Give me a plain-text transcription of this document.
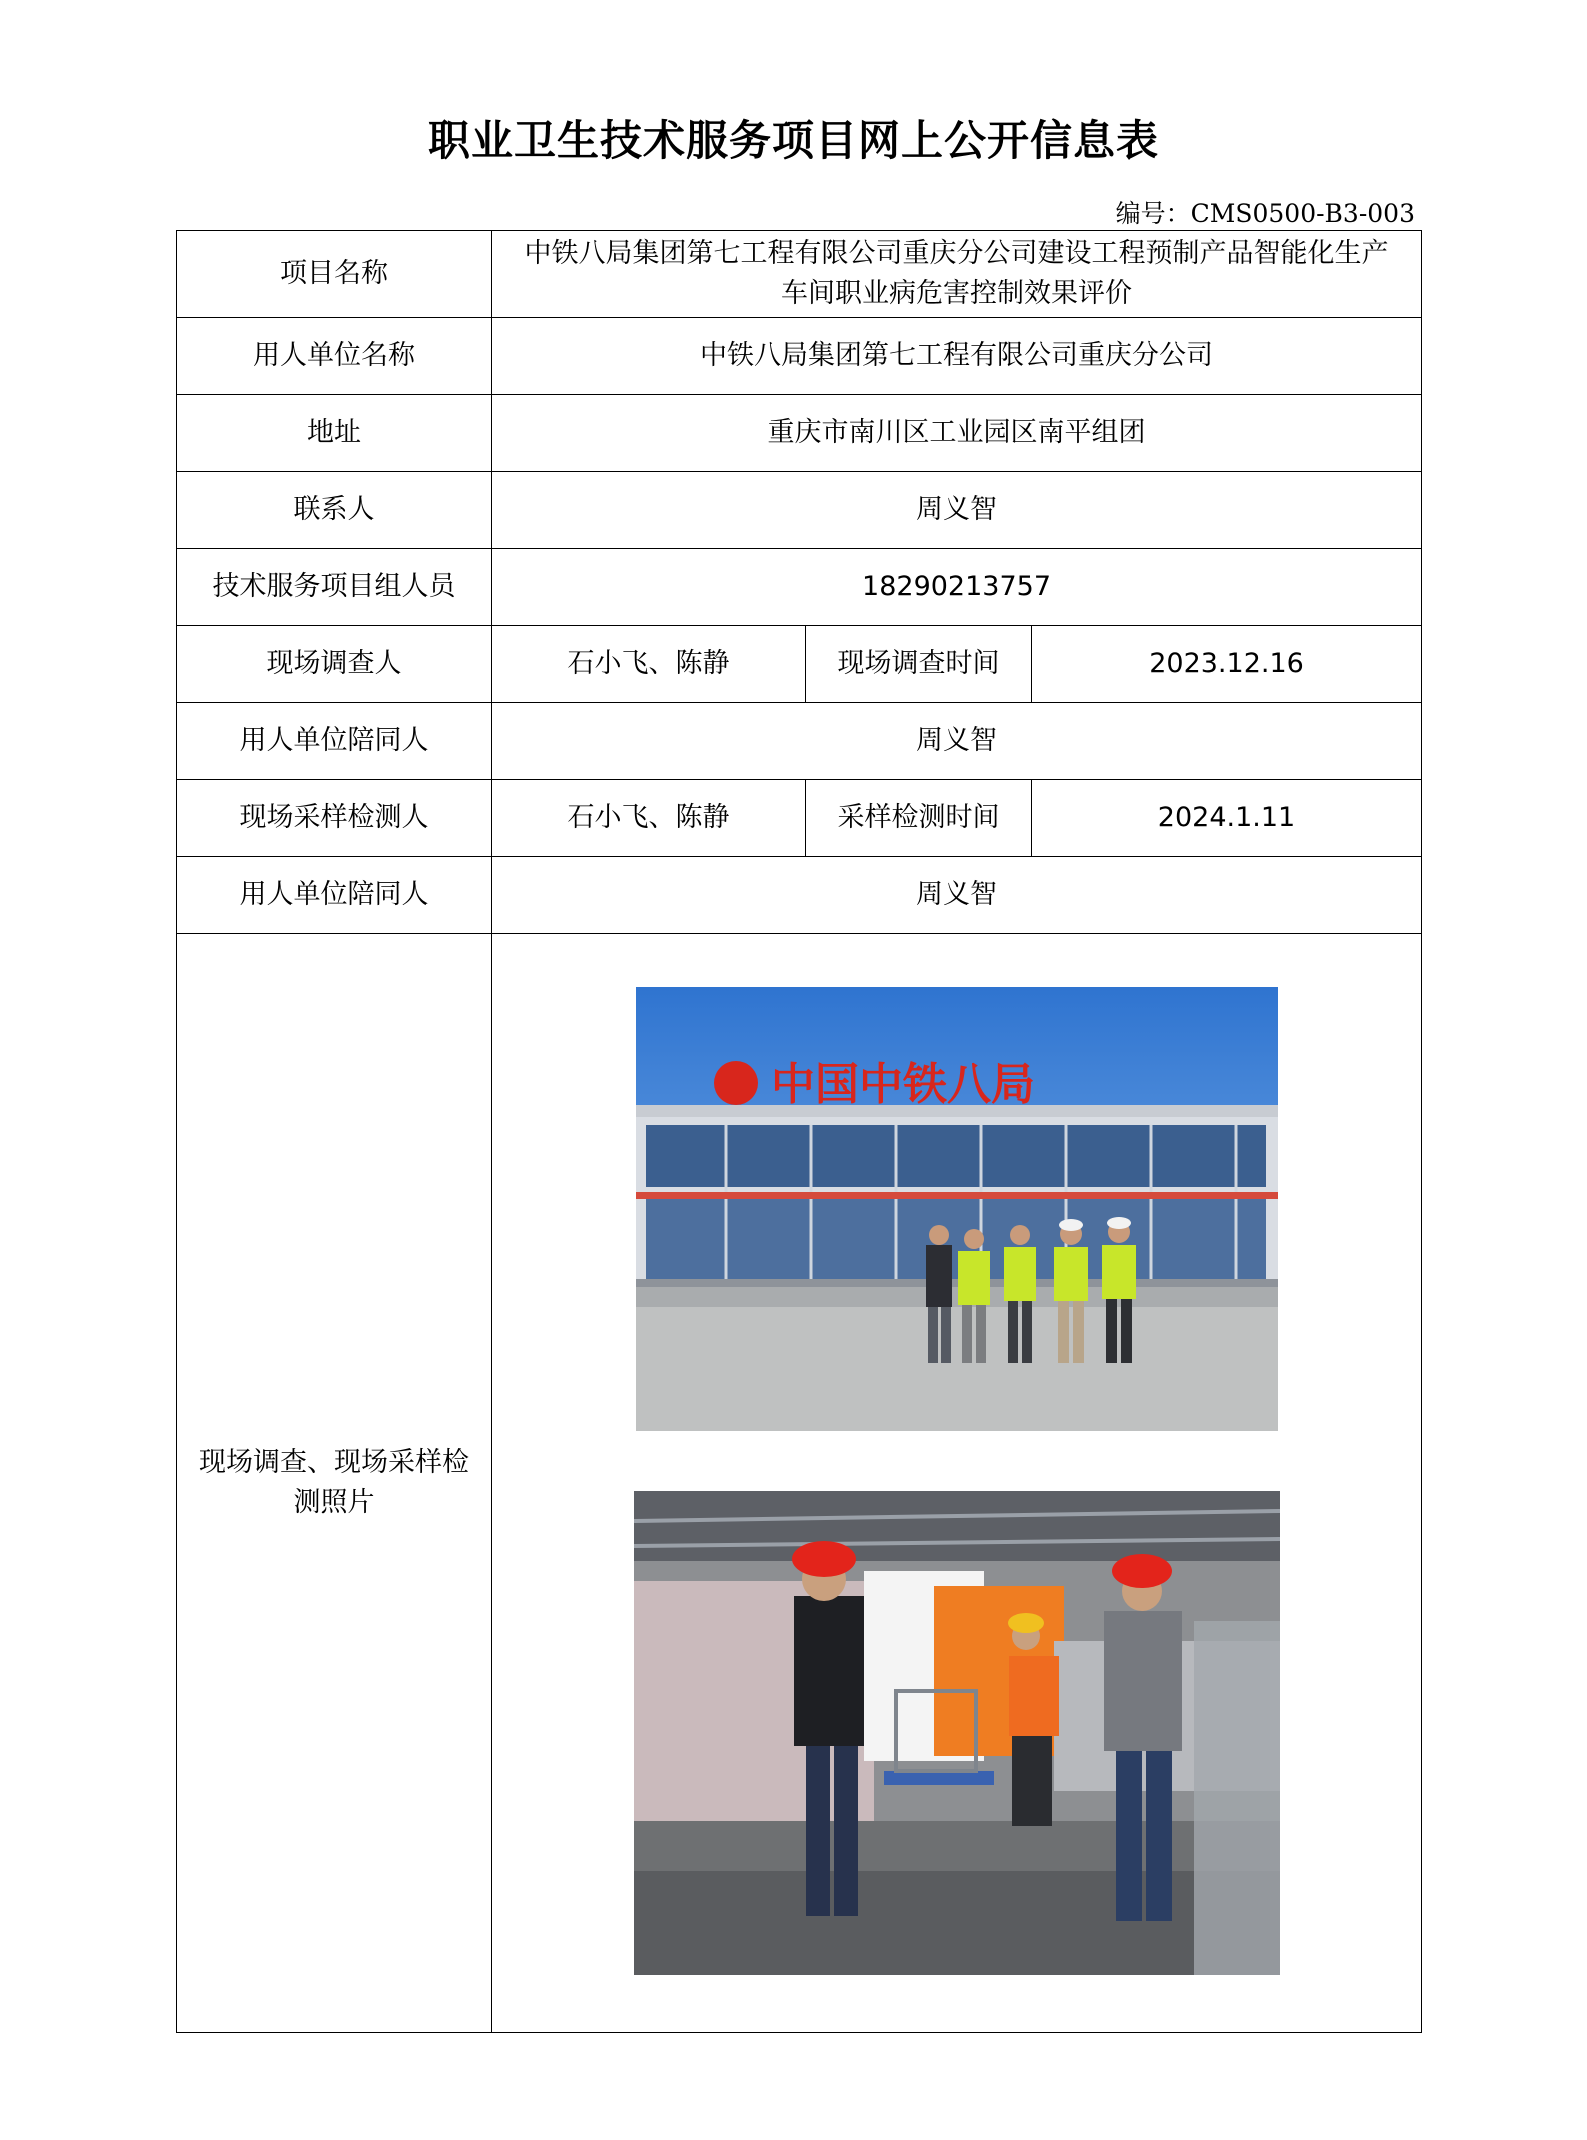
职业卫生技术服务项目网上公开信息表
编号：CMS0500-B3-003
项目名称	中铁八局集团第七工程有限公司重庆分公司建设工程预制产品智能化生产车间职业病危害控制效果评价		
用人单位名称	中铁八局集团第七工程有限公司重庆分公司		
地址	重庆市南川区工业园区南平组团		
联系人	周义智		
技术服务项目组人员	18290213757		
现场调查人	石小飞、陈静	现场调查时间	2023.12.16
用人单位陪同人	周义智		
现场采样检测人	石小飞、陈静	采样检测时间	2024.1.11
用人单位陪同人	周义智		
现场调查、现场采样检测照片	中国中铁八局		
